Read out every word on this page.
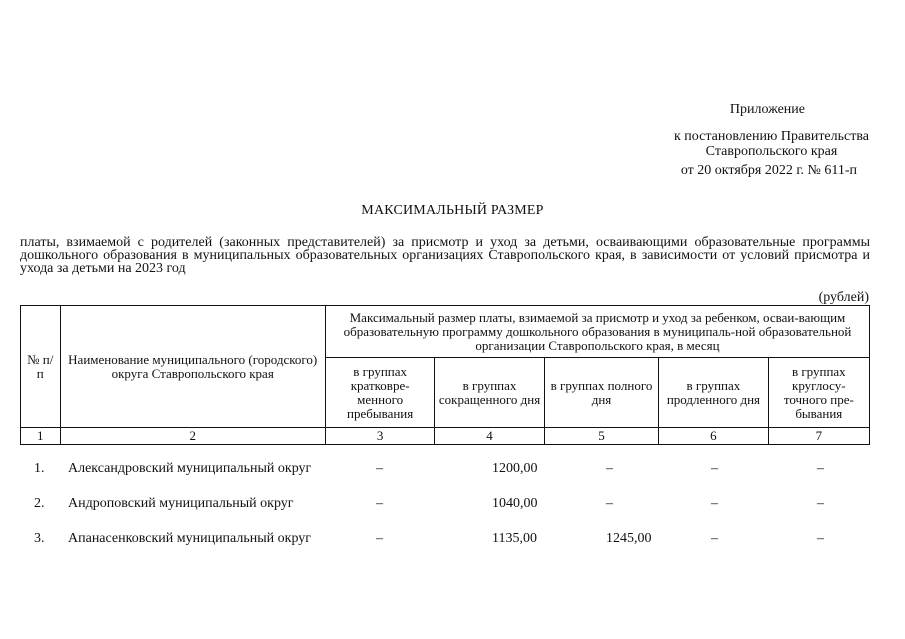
Приложение
к постановлению Правительства
Ставропольского края
от 20 октября 2022 г. № 611-п
МАКСИМАЛЬНЫЙ РАЗМЕР
платы, взимаемой с родителей (законных представителей) за присмотр и уход за детьми, осваивающими образовательные программы дошкольного образования в муниципальных образовательных организациях Ставропольского края, в зависимости от условий присмотра и ухода за детьми на 2023 год
(рублей)
№ п/п	Наименование муниципального (городского) округа Ставропольского края	Максимальный размер платы, взимаемой за присмотр и уход за ребенком, осваи-вающим образовательную программу дошкольного образования в муниципаль-ной образовательной организации Ставропольского края, в месяц				
		в группах кратковре-менного пребывания	в группах сокращенного дня	в группах полного дня	в группах продленного дня	в группах круглосу-точного пре-бывания
1	2	3	4	5	6	7
1. Александровский муниципальный округ	–	1200,00	–	–	–
2. Андроповский муниципальный округ	–	1040,00	–	–	–
3. Апанасенковский муниципальный округ	–	1135,00	1245,00	–	–
